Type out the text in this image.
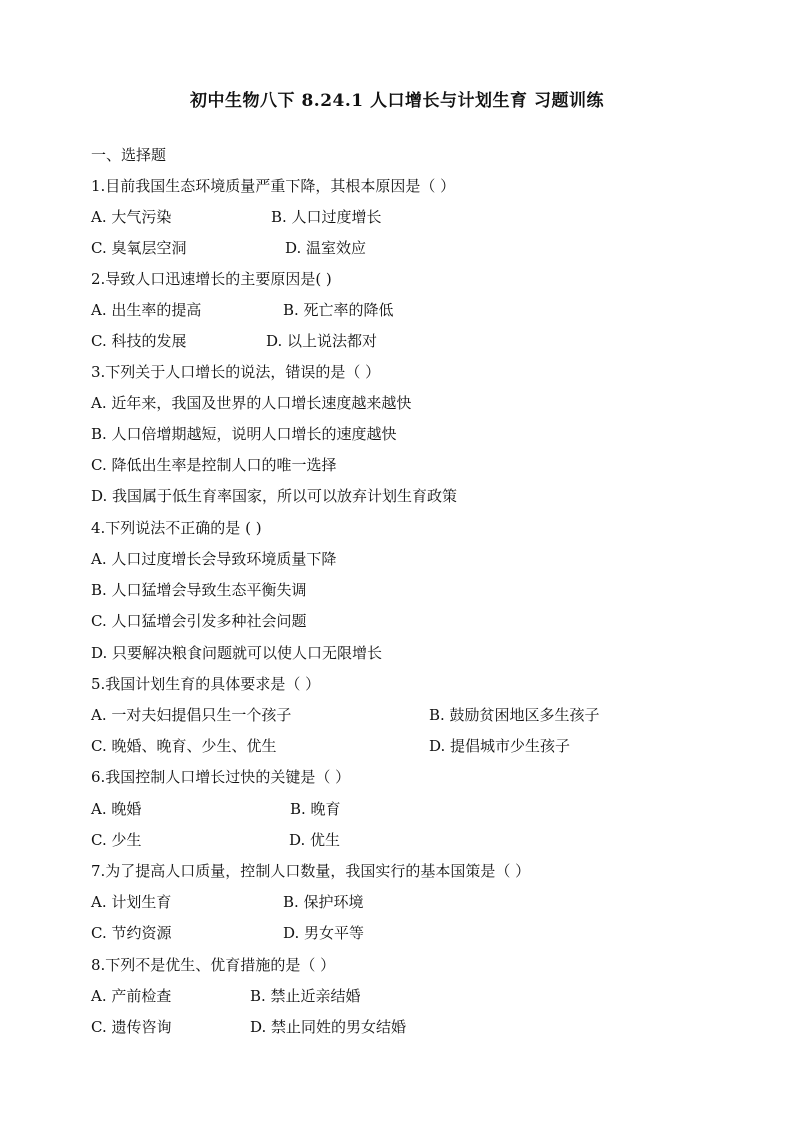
初中生物八下 8.24.1 人口增长与计划生育 习题训练
一、选择题
1.目前我国生态环境质量严重下降，其根本原因是（ ）
A. 大气污染	B. 人口过度增长
C. 臭氧层空洞	D. 温室效应
2.导致人口迅速增长的主要原因是( )
A. 出生率的提高	B. 死亡率的降低
C. 科技的发展	D. 以上说法都对
3.下列关于人口增长的说法，错误的是（ ）
A. 近年来，我国及世界的人口增长速度越来越快
B. 人口倍增期越短，说明人口增长的速度越快
C. 降低出生率是控制人口的唯一选择
D. 我国属于低生育率国家，所以可以放弃计划生育政策
4.下列说法不正确的是 ( )
A. 人口过度增长会导致环境质量下降
B. 人口猛增会导致生态平衡失调
C. 人口猛增会引发多种社会问题
D. 只要解决粮食问题就可以使人口无限增长
5.我国计划生育的具体要求是（ ）
A. 一对夫妇提倡只生一个孩子	B. 鼓励贫困地区多生孩子
C. 晚婚、晚育、少生、优生	D. 提倡城市少生孩子
6.我国控制人口增长过快的关键是（ ）
A. 晚婚	B. 晚育
C. 少生	D. 优生
7.为了提高人口质量，控制人口数量，我国实行的基本国策是（ ）
A. 计划生育	B. 保护环境
C. 节约资源	D. 男女平等
8.下列不是优生、优育措施的是（ ）
A. 产前检查	B. 禁止近亲结婚
C. 遗传咨询	D. 禁止同姓的男女结婚
